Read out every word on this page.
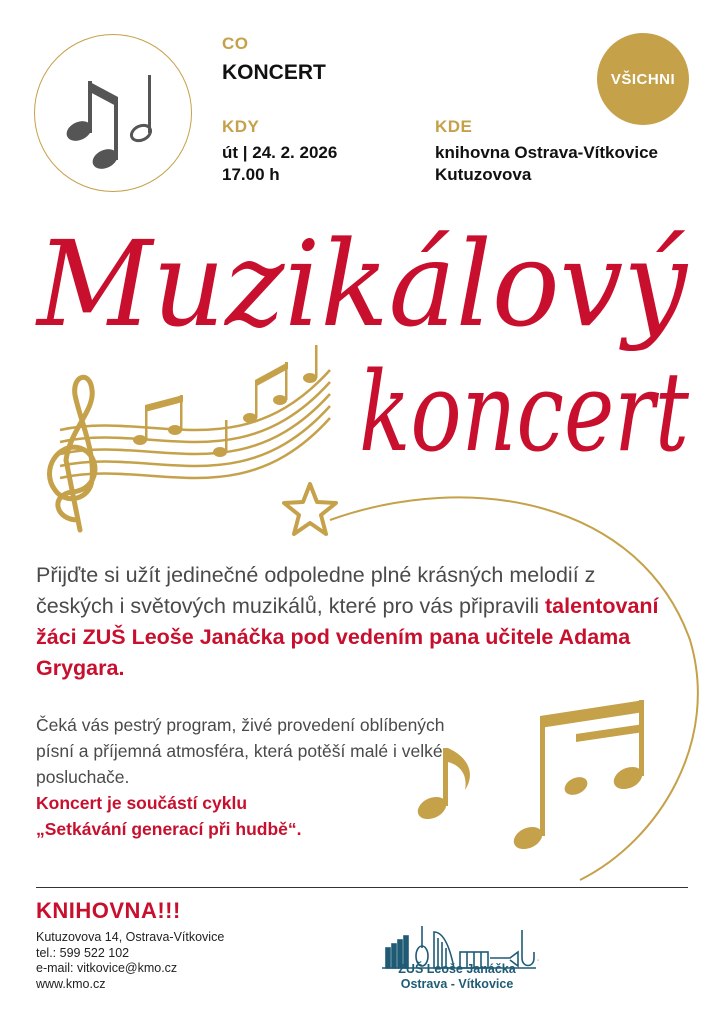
CO
KONCERT
KDY
út | 24. 2. 2026
17.00 h
KDE
knihovna Ostrava-Vítkovice
Kutuzovova
VŠICHNI
Muzikálový
koncert
Přijďte si užít jedinečné odpoledne plné krásných melodií z českých i světových muzikálů, které pro vás připravili talentovaní žáci ZUŠ Leoše Janáčka pod vedením pana učitele Adama Grygara.
Čeká vás pestrý program, živé provedení oblíbených písní a příjemná atmosféra, která potěší malé i velké posluchače.
Koncert je součástí cyklu
„Setkávání generací při hudbě“.
KNIHOVNA!!!
Kutuzovova 14, Ostrava-Vítkovice
tel.: 599 522 102
e-mail: vitkovice@kmo.cz
www.kmo.cz
ZUŠ Leoše Janáčka
Ostrava - Vítkovice
